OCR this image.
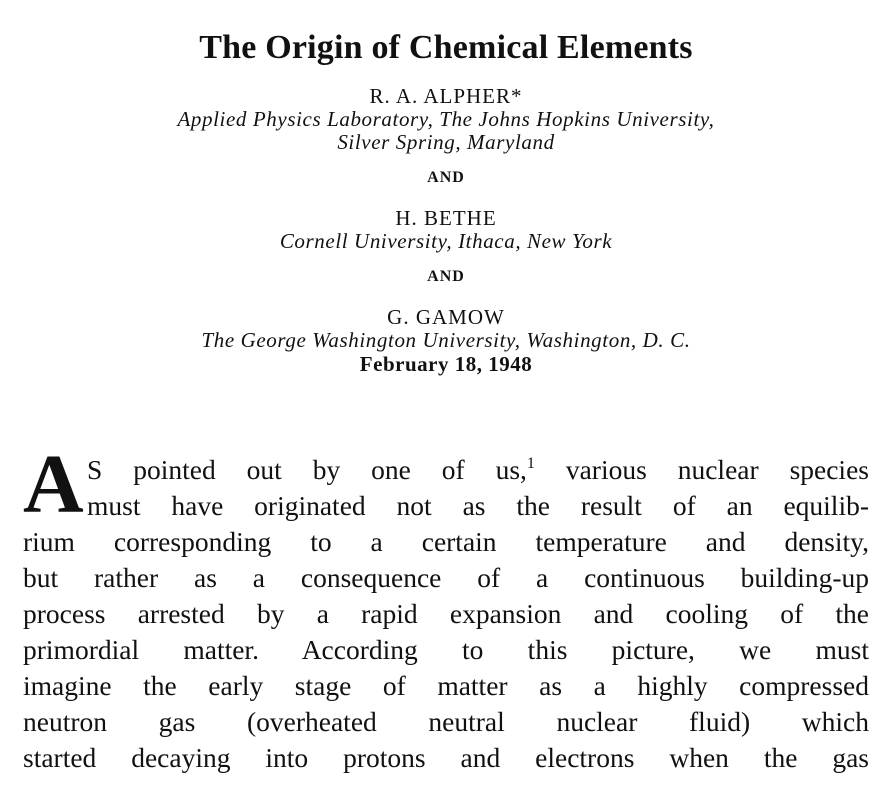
The Origin of Chemical Elements
R. A. ALPHER*
Applied Physics Laboratory, The Johns Hopkins University,
Silver Spring, Maryland
AND
H. BETHE
Cornell University, Ithaca, New York
AND
G. GAMOW
The George Washington University, Washington, D. C.
February 18, 1948
A S pointed out by one of us,$^1$ various nuclear species
must have originated not as the result of an equilib-
rium corresponding to a certain temperature and density,
but rather as a consequence of a continuous building-up
process arrested by a rapid expansion and cooling of the
primordial matter. According to this picture, we must
imagine the early stage of matter as a highly compressed
neutron gas (overheated neutral nuclear fluid) which
started decaying into protons and electrons when the gas
